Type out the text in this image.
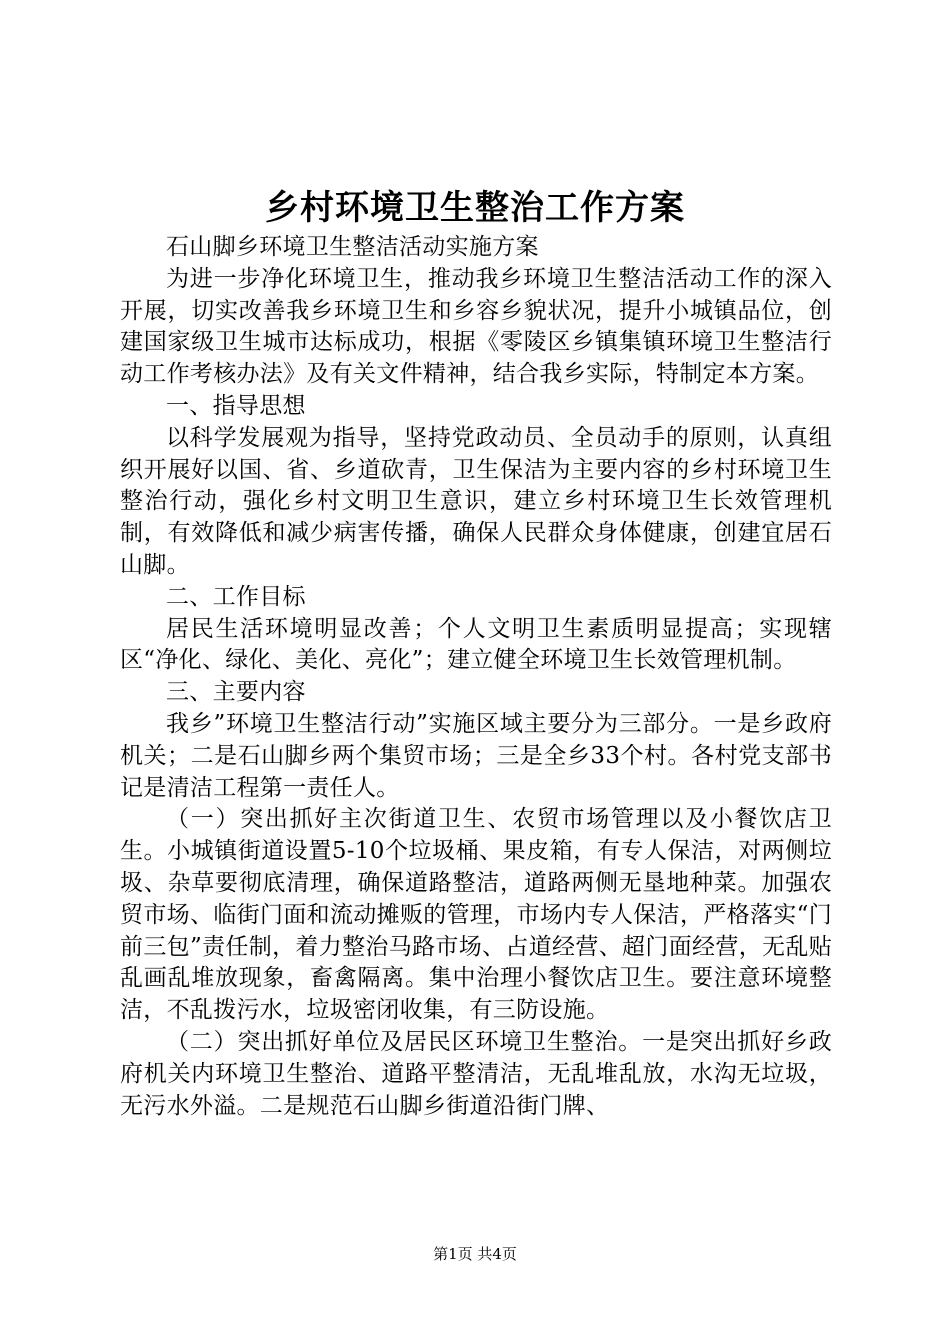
乡村环境卫生整治工作方案

石山脚乡环境卫生整洁活动实施方案

为进一步净化环境卫生，推动我乡环境卫生整洁活动工作的深入开展，切实改善我乡环境卫生和乡容乡貌状况，提升小城镇品位，创建国家级卫生城市达标成功，根据《零陵区乡镇集镇环境卫生整洁行动工作考核办法》及有关文件精神，结合我乡实际，特制定本方案。

一、指导思想

以科学发展观为指导，坚持党政动员、全员动手的原则，认真组织开展好以国、省、乡道砍青，卫生保洁为主要内容的乡村环境卫生整治行动，强化乡村文明卫生意识，建立乡村环境卫生长效管理机制，有效降低和减少病害传播，确保人民群众身体健康，创建宜居石山脚。

二、工作目标

居民生活环境明显改善；个人文明卫生素质明显提高；实现辖区“净化、绿化、美化、亮化”；建立健全环境卫生长效管理机制。

三、主要内容

我乡”环境卫生整洁行动”实施区域主要分为三部分。一是乡政府机关；二是石山脚乡两个集贸市场；三是全乡33个村。各村党支部书记是清洁工程第一责任人。

（一）突出抓好主次街道卫生、农贸市场管理以及小餐饮店卫生。小城镇街道设置5-10个垃圾桶、果皮箱，有专人保洁，对两侧垃圾、杂草要彻底清理，确保道路整洁，道路两侧无垦地种菜。加强农贸市场、临街门面和流动摊贩的管理，市场内专人保洁，严格落实“门前三包”责任制，着力整治马路市场、占道经营、超门面经营，无乱贴乱画乱堆放现象，畜禽隔离。集中治理小餐饮店卫生。要注意环境整洁，不乱拨污水，垃圾密闭收集，有三防设施。

（二）突出抓好单位及居民区环境卫生整治。一是突出抓好乡政府机关内环境卫生整治、道路平整清洁，无乱堆乱放，水沟无垃圾，无污水外溢。二是规范石山脚乡街道沿街门牌、

第1页 共4页
